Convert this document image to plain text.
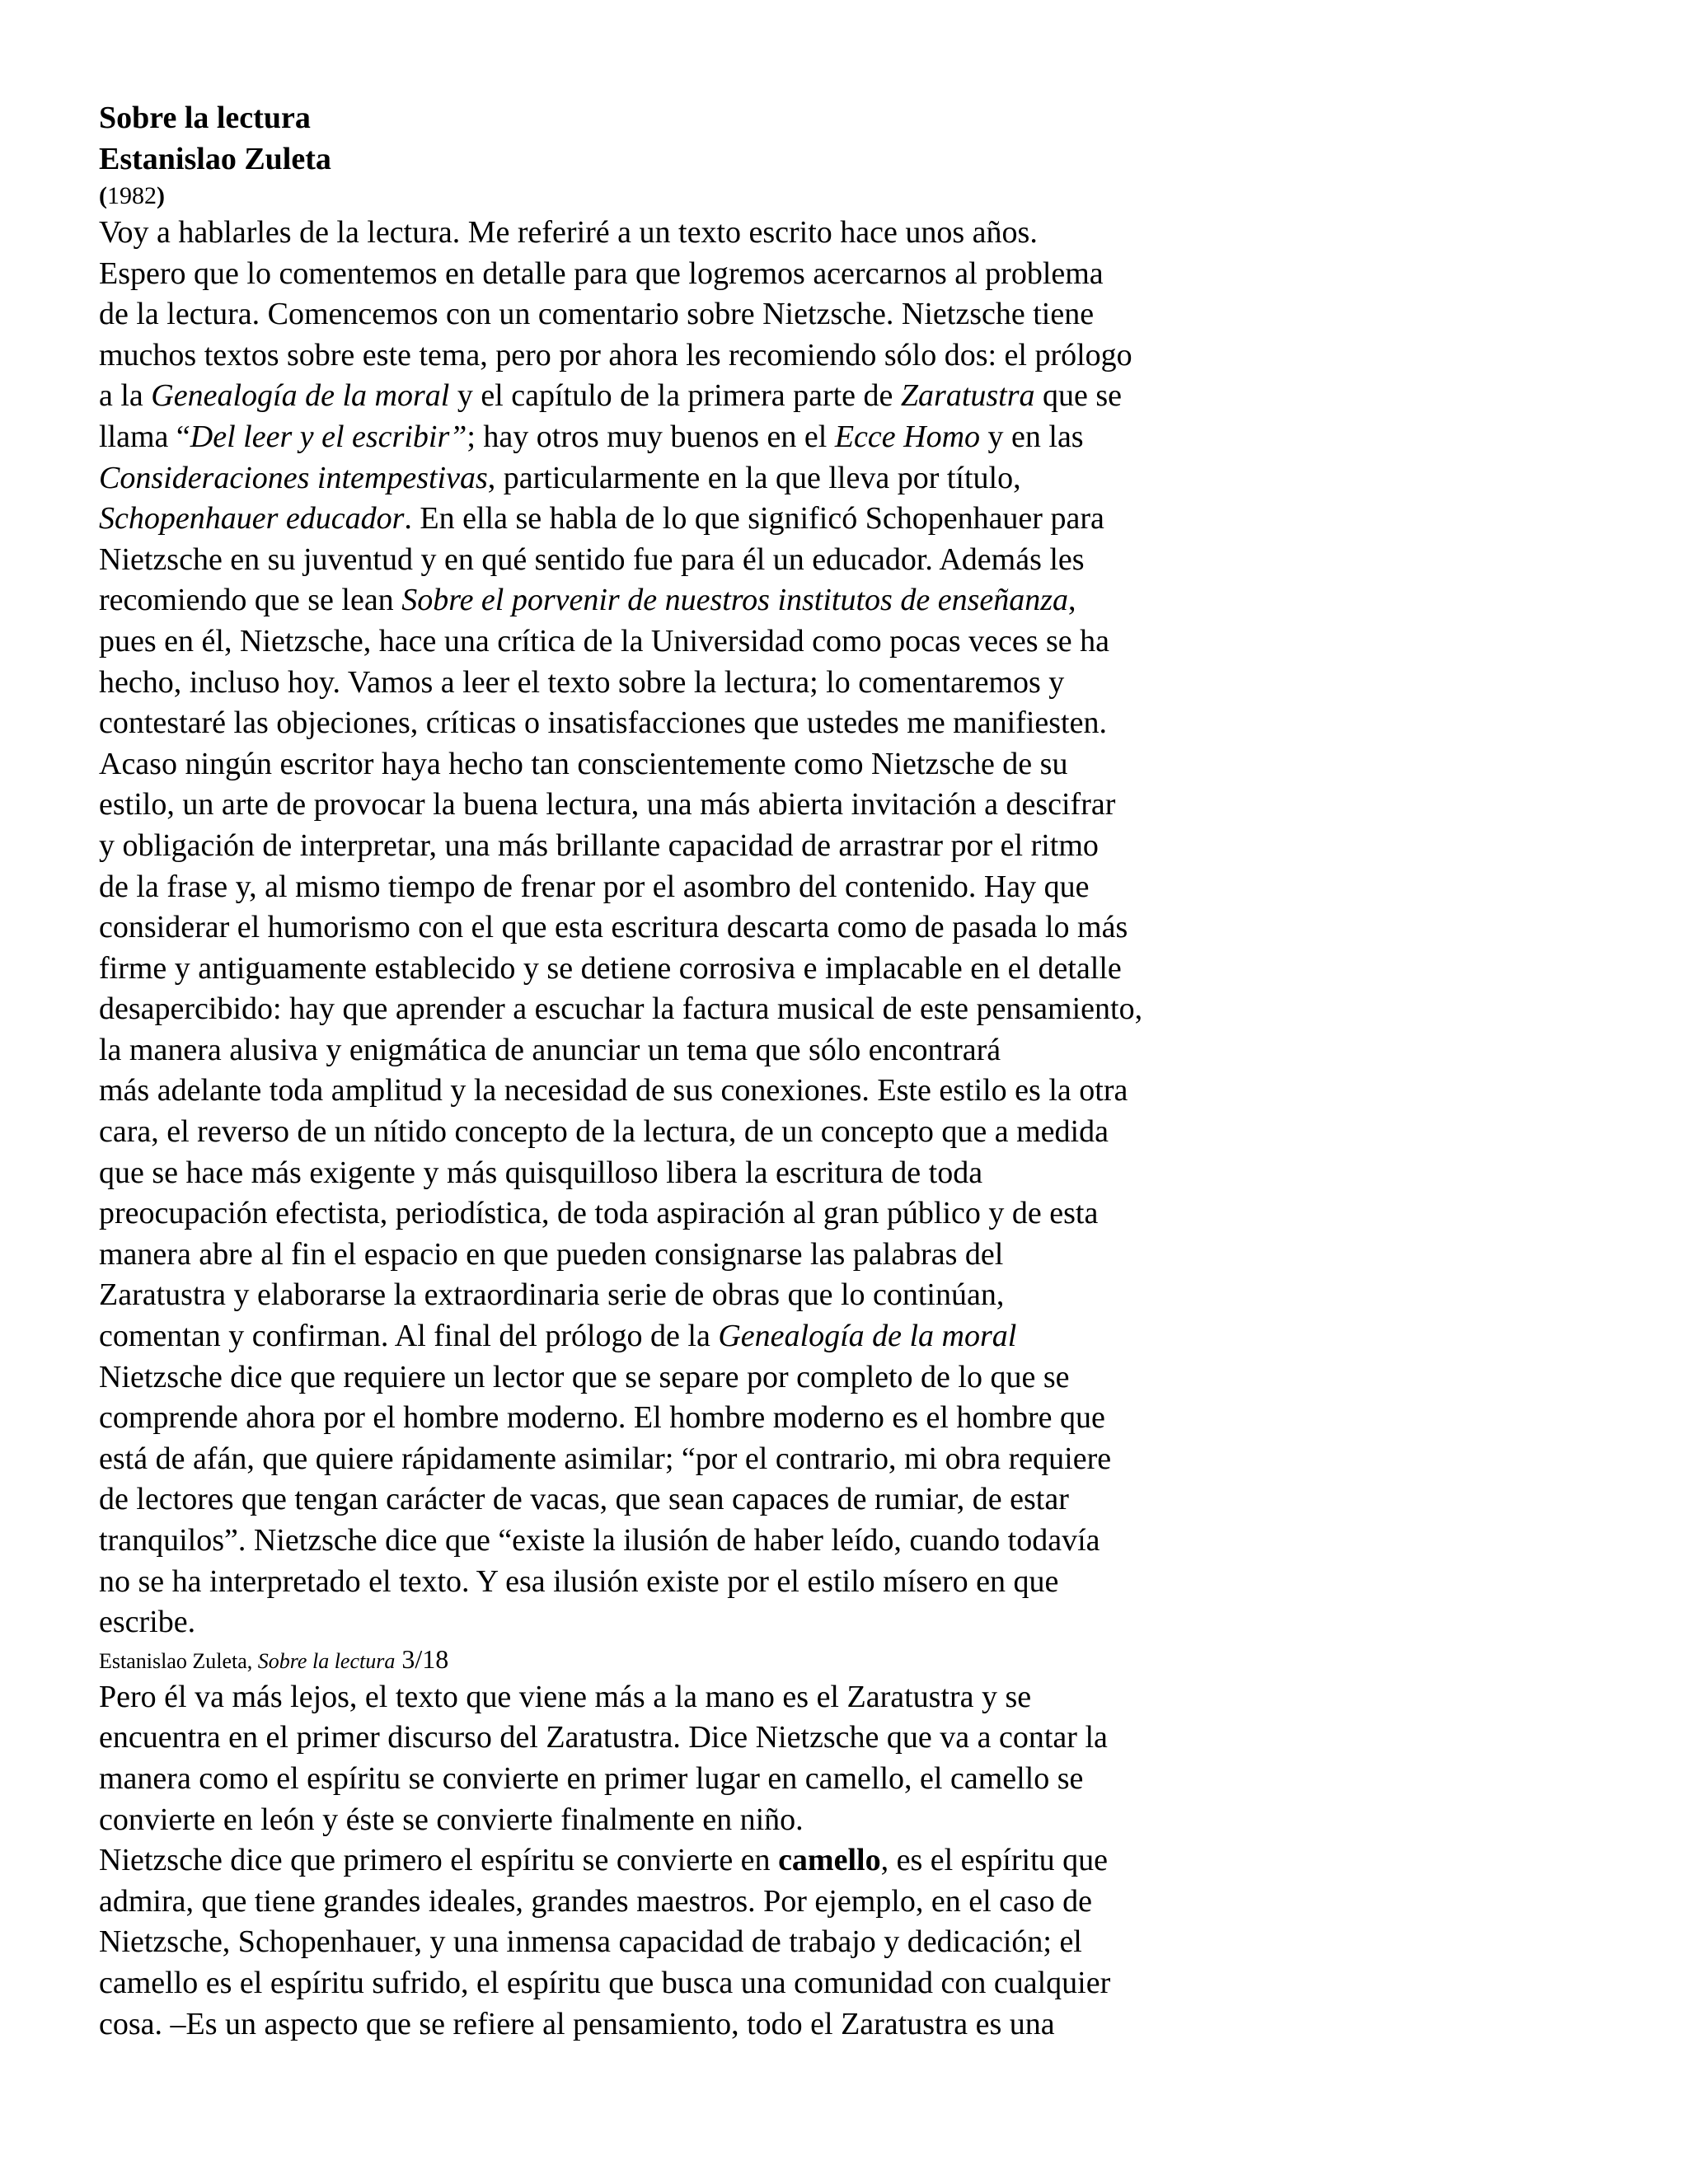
Sobre la lectura
Estanislao Zuleta
(1982)
Voy a hablarles de la lectura. Me referiré a un texto escrito hace unos años.
Espero que lo comentemos en detalle para que logremos acercarnos al problema
de la lectura. Comencemos con un comentario sobre Nietzsche. Nietzsche tiene
muchos textos sobre este tema, pero por ahora les recomiendo sólo dos: el prólogo
a la Genealogía de la moral y el capítulo de la primera parte de Zaratustra que se
llama “Del leer y el escribir”; hay otros muy buenos en el Ecce Homo y en las
Consideraciones intempestivas, particularmente en la que lleva por título,
Schopenhauer educador. En ella se habla de lo que significó Schopenhauer para
Nietzsche en su juventud y en qué sentido fue para él un educador. Además les
recomiendo que se lean Sobre el porvenir de nuestros institutos de enseñanza,
pues en él, Nietzsche, hace una crítica de la Universidad como pocas veces se ha
hecho, incluso hoy. Vamos a leer el texto sobre la lectura; lo comentaremos y
contestaré las objeciones, críticas o insatisfacciones que ustedes me manifiesten.
Acaso ningún escritor haya hecho tan conscientemente como Nietzsche de su
estilo, un arte de provocar la buena lectura, una más abierta invitación a descifrar
y obligación de interpretar, una más brillante capacidad de arrastrar por el ritmo
de la frase y, al mismo tiempo de frenar por el asombro del contenido. Hay que
considerar el humorismo con el que esta escritura descarta como de pasada lo más
firme y antiguamente establecido y se detiene corrosiva e implacable en el detalle
desapercibido: hay que aprender a escuchar la factura musical de este pensamiento,
la manera alusiva y enigmática de anunciar un tema que sólo encontrará
más adelante toda amplitud y la necesidad de sus conexiones. Este estilo es la otra
cara, el reverso de un nítido concepto de la lectura, de un concepto que a medida
que se hace más exigente y más quisquilloso libera la escritura de toda
preocupación efectista, periodística, de toda aspiración al gran público y de esta
manera abre al fin el espacio en que pueden consignarse las palabras del
Zaratustra y elaborarse la extraordinaria serie de obras que lo continúan,
comentan y confirman. Al final del prólogo de la Genealogía de la moral
Nietzsche dice que requiere un lector que se separe por completo de lo que se
comprende ahora por el hombre moderno. El hombre moderno es el hombre que
está de afán, que quiere rápidamente asimilar; “por el contrario, mi obra requiere
de lectores que tengan carácter de vacas, que sean capaces de rumiar, de estar
tranquilos”. Nietzsche dice que “existe la ilusión de haber leído, cuando todavía
no se ha interpretado el texto. Y esa ilusión existe por el estilo mísero en que
escribe.
Estanislao Zuleta, Sobre la lectura 3/18
Pero él va más lejos, el texto que viene más a la mano es el Zaratustra y se
encuentra en el primer discurso del Zaratustra. Dice Nietzsche que va a contar la
manera como el espíritu se convierte en primer lugar en camello, el camello se
convierte en león y éste se convierte finalmente en niño.
Nietzsche dice que primero el espíritu se convierte en camello, es el espíritu que
admira, que tiene grandes ideales, grandes maestros. Por ejemplo, en el caso de
Nietzsche, Schopenhauer, y una inmensa capacidad de trabajo y dedicación; el
camello es el espíritu sufrido, el espíritu que busca una comunidad con cualquier
cosa. –Es un aspecto que se refiere al pensamiento, todo el Zaratustra es una
